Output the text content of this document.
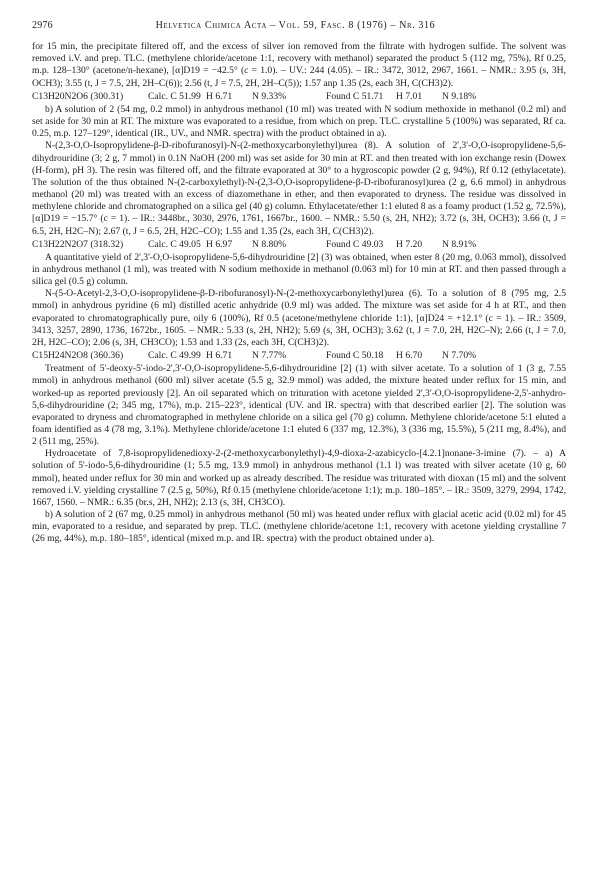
2976	Helvetica Chimica Acta – Vol. 59, Fasc. 8 (1976) – Nr. 316

for 15 min, the precipitate filtered off, and the excess of silver ion removed from the filtrate with hydrogen sulfide. The solvent was removed i.V. and prep. TLC. (methylene chloride/acetone 1:1, recovery with methanol) separated the product 5 (112 mg, 75%), Rf 0.25, m.p. 128–130° (acetone/n-hexane), [α]D19 = −42.5° (c = 1.0). – UV.: 244 (4.05). – IR.: 3472, 3012, 2967, 1661. – NMR.: 3.95 (s, 3H, OCH3); 3.55 (t, J = 7.5, 2H, 2H–C(6)); 2.56 (t, J = 7.5, 2H, 2H–C(5)); 1.57 anp 1.35 (2s, each 3H, C(CH3)2).

C13H20N2O6 (300.31)	Calc. C 51.99 H 6.71	N 9.33%	Found C 51.71	H 7.01	N 9.18%

b) A solution of 2 (54 mg, 0.2 mmol) in anhydrous methanol (10 ml) was treated with N sodium methoxide in methanol (0.2 ml) and set aside for 30 min at RT. The mixture was evaporated to a residue, from which on prep. TLC. crystalline 5 (100%) was separated, Rf ca. 0.25, m.p. 127–129°, identical (IR., UV., and NMR. spectra) with the product obtained in a).

N-(2,3-O,O-Isopropylidene-β-D-ribofuranosyl)-N-(2-methoxycarbonylethyl)urea (8). A solution of 2',3'-O,O-isopropylidene-5,6-dihydrouridine (3; 2 g, 7 mmol) in 0.1N NaOH (200 ml) was set aside for 30 min at RT. and then treated with ion exchange resin (Dowex (H-form), pH 3). The resin was filtered off, and the filtrate evaporated at 30° to a hygroscopic powder (2 g, 94%), Rf 0.12 (ethylacetate). The solution of the thus obtained N-(2-carboxylethyl)-N-(2,3-O,O-isopropylidene-β-D-ribofuranosyl)urea (2 g, 6.6 mmol) in anhydrous methanol (20 ml) was treated with an excess of diazomethane in ether, and then evaporated to dryness. The residue was dissolved in methylene chloride and chromatographed on a silica gel (40 g) column. Ethylacetate/ether 1:1 eluted 8 as a foamy product (1.52 g, 72.5%), [α]D19 = −15.7° (c = 1). – IR.: 3448br., 3030, 2976, 1761, 1667br., 1600. – NMR.: 5.50 (s, 2H, NH2); 3.72 (s, 3H, OCH3); 3.66 (t, J = 6.5, 2H, H2C–N); 2.67 (t, J = 6.5, 2H, H2C–CO); 1.55 and 1.35 (2s, each 3H, C(CH3)2).

C13H22N2O7 (318.32)	Calc. C 49.05 H 6.97	N 8.80%	Found C 49.03	H 7.20	N 8.91%

A quantitative yield of 2',3'-O,O-isopropylidene-5,6-dihydrouridine [2] (3) was obtained, when ester 8 (20 mg, 0.063 mmol), dissolved in anhydrous methanol (1 ml), was treated with N sodium methoxide in methanol (0.063 ml) for 10 min at RT. and then passed through a silica gel (0.5 g) column.

N-(5-O-Acetyl-2,3-O,O-isopropylidene-β-D-ribofuranosyl)-N-(2-methoxycarbonylethyl)urea (6). To a solution of 8 (795 mg, 2.5 mmol) in anhydrous pyridine (6 ml) distilled acetic anhydride (0.9 ml) was added. The mixture was set aside for 4 h at RT., and then evaporated to chromatographically pure, oily 6 (100%), Rf 0.5 (acetone/methylene chloride 1:1), [α]D24 = +12.1° (c = 1). – IR.: 3509, 3413, 3257, 2890, 1736, 1672br., 1605. – NMR.: 5.33 (s, 2H, NH2); 5.69 (s, 3H, OCH3); 3.62 (t, J = 7.0, 2H, H2C–N); 2.66 (t, J = 7.0, 2H, H2C–CO); 2.06 (s, 3H, CH3CO); 1.53 and 1.33 (2s, each 3H, C(CH3)2).

C15H24N2O8 (360.36)	Calc. C 49.99 H 6.71	N 7.77%	Found C 50.18	H 6.70	N 7.70%

Treatment of 5'-deoxy-5'-iodo-2',3'-O,O-isopropylidene-5,6-dihydrouridine [2] (1) with silver acetate. To a solution of 1 (3 g, 7.55 mmol) in anhydrous methanol (600 ml) silver acetate (5.5 g, 32.9 mmol) was added, the mixture heated under reflux for 15 min, and worked-up as reported previously [2]. An oil separated which on trituration with acetone yielded 2',3'-O,O-isopropylidene-2,5'-anhydro-5,6-dihydrouridine (2; 345 mg, 17%), m.p. 215–223°, identical (UV. and IR. spectra) with that described earlier [2]. The solution was evaporated to dryness and chromatographed in methylene chloride on a silica gel (70 g) column. Methylene chloride/acetone 5:1 eluted a foam identified as 4 (78 mg, 3.1%). Methylene chloride/acetone 1:1 eluted 6 (337 mg, 12.3%), 3 (336 mg, 15.5%), 5 (211 mg, 8.4%), and 2 (511 mg, 25%).

Hydroacetate of 7,8-isopropylidenedioxy-2-(2-methoxycarbonylethyl)-4,9-dioxa-2-azabicyclo-[4.2.1]nonane-3-imine (7). – a) A solution of 5'-iodo-5,6-dihydrouridine (1; 5.5 mg, 13.9 mmol) in anhydrous methanol (1.1 l) was treated with silver acetate (10 g, 60 mmol), heated under reflux for 30 min and worked up as already described. The residue was triturated with dioxan (15 ml) and the solvent removed i.V. yielding crystalline 7 (2.5 g, 50%), Rf 0.15 (methylene chloride/acetone 1:1); m.p. 180–185°. – IR.: 3509, 3279, 2994, 1742, 1667, 1560. – NMR.: 6.35 (br.s, 2H, NH2); 2.13 (s, 3H, CH3CO).

b) A solution of 2 (67 mg, 0.25 mmol) in anhydrous methanol (50 ml) was heated under reflux with glacial acetic acid (0.02 ml) for 45 min, evaporated to a residue, and separated by prep. TLC. (methylene chloride/acetone 1:1, recovery with acetone yielding crystalline 7 (26 mg, 44%), m.p. 180–185°, identical (mixed m.p. and IR. spectra) with the product obtained under a).
